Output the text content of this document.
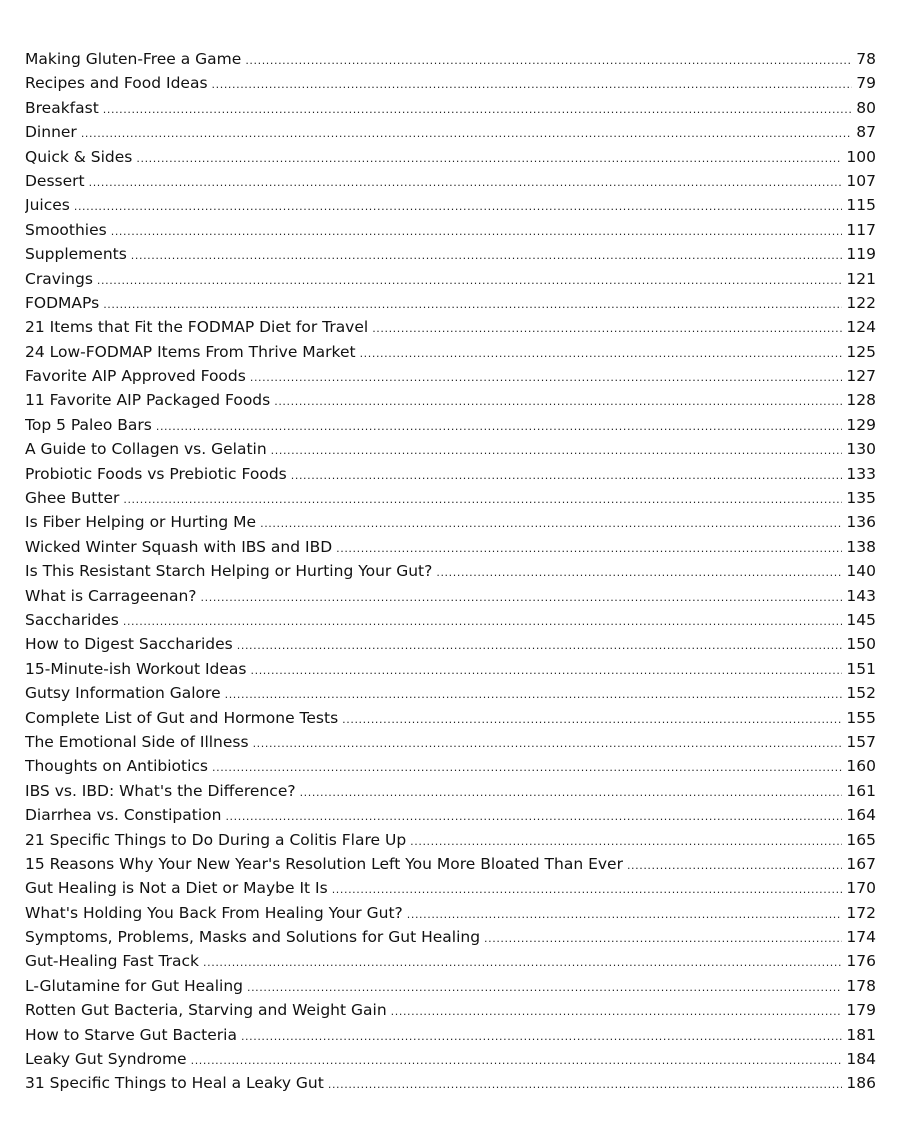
Making Gluten-Free a Game .....	78
Recipes and Food Ideas .....	79
Breakfast .....	80
Dinner .....	87
Quick & Sides .....	100
Dessert .....	107
Juices .....	115
Smoothies .....	117
Supplements .....	119
Cravings .....	121
FODMAPs .....	122
21 Items that Fit the FODMAP Diet for Travel .....	124
24 Low-FODMAP Items From Thrive Market .....	125
Favorite AIP Approved Foods .....	127
11 Favorite AIP Packaged Foods .....	128
Top 5 Paleo Bars .....	129
A Guide to Collagen vs. Gelatin .....	130
Probiotic Foods vs Prebiotic Foods .....	133
Ghee Butter .....	135
Is Fiber Helping or Hurting Me .....	136
Wicked Winter Squash with IBS and IBD .....	138
Is This Resistant Starch Helping or Hurting Your Gut? .....	140
What is Carrageenan? .....	143
Saccharides .....	145
How to Digest Saccharides .....	150
15-Minute-ish Workout Ideas .....	151
Gutsy Information Galore .....	152
Complete List of Gut and Hormone Tests .....	155
The Emotional Side of Illness .....	157
Thoughts on Antibiotics .....	160
IBS vs. IBD: What's the Difference? .....	161
Diarrhea vs. Constipation .....	164
21 Specific Things to Do During a Colitis Flare Up .....	165
15 Reasons Why Your New Year's Resolution Left You More Bloated Than Ever .....	167
Gut Healing is Not a Diet or Maybe It Is .....	170
What's Holding You Back From Healing Your Gut? .....	172
Symptoms, Problems, Masks and Solutions for Gut Healing .....	174
Gut-Healing Fast Track .....	176
L-Glutamine for Gut Healing .....	178
Rotten Gut Bacteria, Starving and Weight Gain .....	179
How to Starve Gut Bacteria .....	181
Leaky Gut Syndrome .....	184
31 Specific Things to Heal a Leaky Gut .....	186
